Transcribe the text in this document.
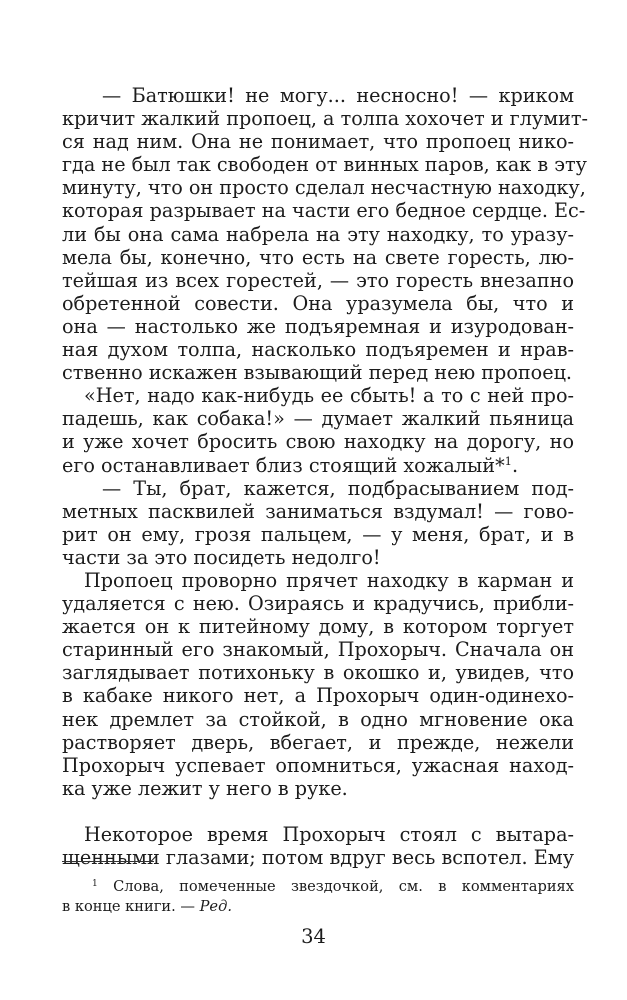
— Батюшки! не могу... несносно! — криком
кричит жалкий пропоец, а толпа хохочет и глумит-
ся над ним. Она не понимает, что пропоец нико-
гда не был так свободен от винных паров, как в эту
минуту, что он просто сделал несчастную находку,
которая разрывает на части его бедное сердце. Ес-
ли бы она сама набрела на эту находку, то уразу-
мела бы, конечно, что есть на свете горесть, лю-
тейшая из всех горестей, — это горесть внезапно
обретенной совести. Она уразумела бы, что и
она — настолько же подъяремная и изуродован-
ная духом толпа, насколько подъяремен и нрав-
ственно искажен взывающий перед нею пропоец.
«Нет, надо как-нибудь ее сбыть! а то с ней про-
падешь, как собака!» — думает жалкий пьяница
и уже хочет бросить свою находку на дорогу, но
его останавливает близ стоящий хожалый*$^1$.
— Ты, брат, кажется, подбрасыванием под-
метных пасквилей заниматься вздумал! — гово-
рит он ему, грозя пальцем, — у меня, брат, и в
части за это посидеть недолго!
Пропоец проворно прячет находку в карман и
удаляется с нею. Озираясь и крадучись, прибли-
жается он к питейному дому, в котором торгует
старинный его знакомый, Прохорыч. Сначала он
заглядывает потихоньку в окошко и, увидев, что
в кабаке никого нет, а Прохорыч один-одинехо-
нек дремлет за стойкой, в одно мгновение ока
растворяет дверь, вбегает, и прежде, нежели
Прохорыч успевает опомниться, ужасная наход-
ка уже лежит у него в руке.
Некоторое время Прохорыч стоял с вытара-
щенными глазами; потом вдруг весь вспотел. Ему
$^1$ Слова, помеченные звездочкой, см. в комментариях
в конце книги. — Ред.
34
